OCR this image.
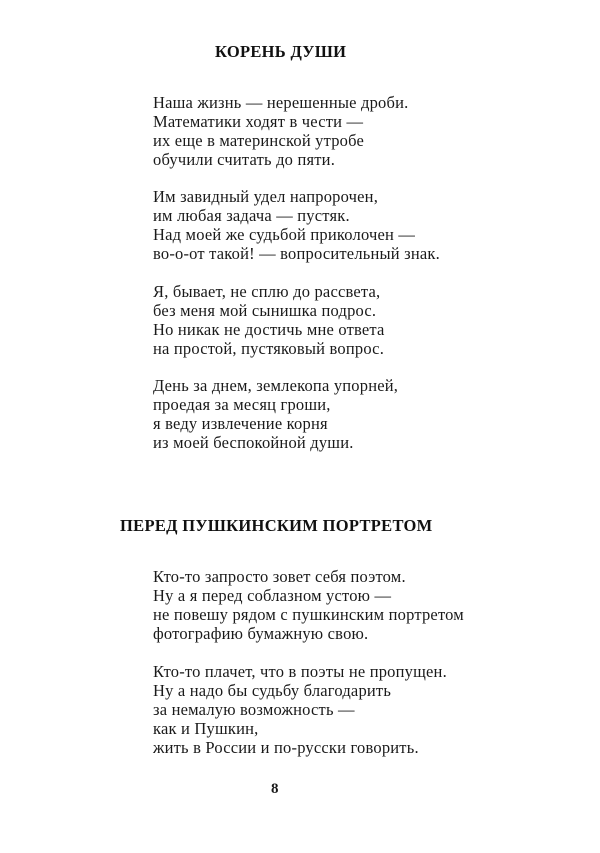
КОРЕНЬ ДУШИ
Наша жизнь — нерешенные дроби.
Математики ходят в чести —
их еще в материнской утробе
обучили считать до пяти.
Им завидный удел напророчен,
им любая задача — пустяк.
Над моей же судьбой приколочен —
во-о-от такой! — вопросительный знак.
Я, бывает, не сплю до рассвета,
без меня мой сынишка подрос.
Но никак не достичь мне ответа
на простой, пустяковый вопрос.
День за днем, землекопа упорней,
проедая за месяц гроши,
я веду извлечение корня
из моей беспокойной души.
ПЕРЕД ПУШКИНСКИМ ПОРТРЕТОМ
Кто-то запросто зовет себя поэтом.
Ну а я перед соблазном устою —
не повешу рядом с пушкинским портретом
фотографию бумажную свою.
Кто-то плачет, что в поэты не пропущен.
Ну а надо бы судьбу благодарить
за немалую возможность —
как и Пушкин,
жить в России и по-русски говорить.
8
